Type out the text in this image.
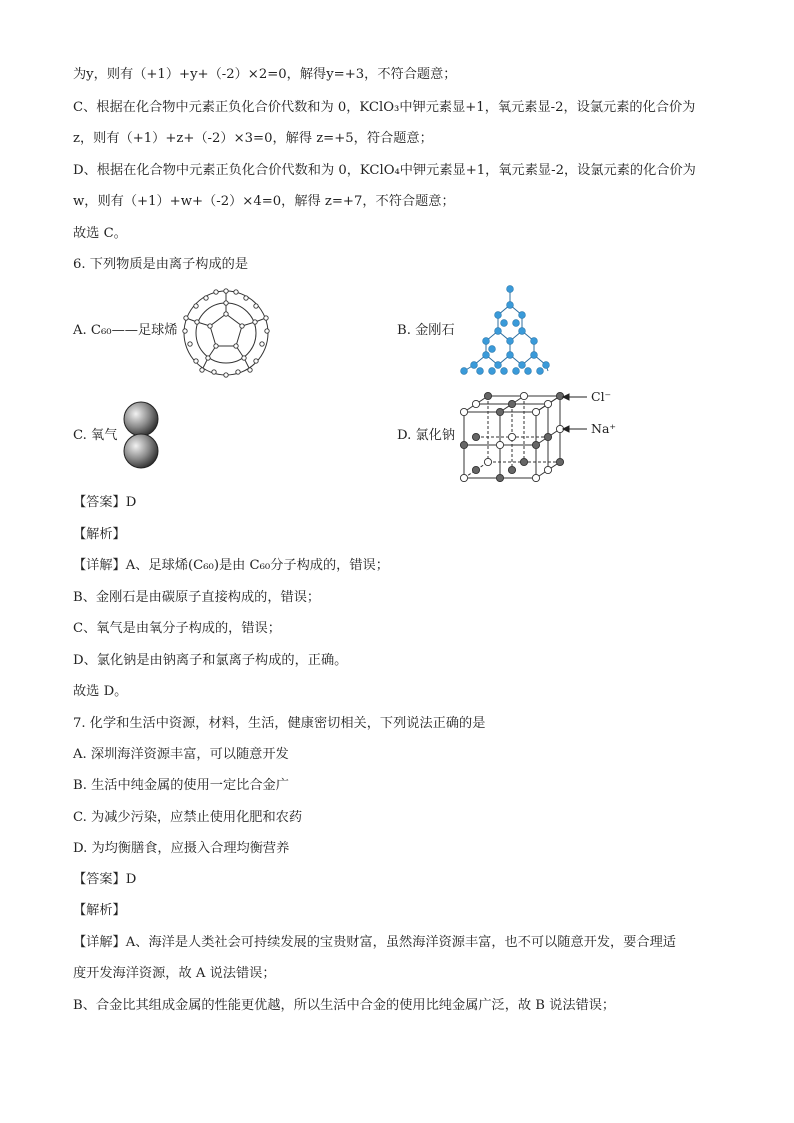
为y，则有（+1）+y+（-2）×2=0，解得y=+3，不符合题意；
C、根据在化合物中元素正负化合价代数和为 0，KClO₃中钾元素显+1，氧元素显-2，设氯元素的化合价为
z，则有（+1）+z+（-2）×3=0，解得 z=+5，符合题意；
D、根据在化合物中元素正负化合价代数和为 0，KClO₄中钾元素显+1，氧元素显-2，设氯元素的化合价为
w，则有（+1）+w+（-2）×4=0，解得 z=+7，不符合题意；
故选 C。
6. 下列物质是由离子构成的是
A. C₆₀——足球烯	B. 金刚石
C. 氧气	D. 氯化钠
Cl⁻
Na⁺
【答案】D
【解析】
【详解】A、足球烯(C₆₀)是由 C₆₀分子构成的，错误；
B、金刚石是由碳原子直接构成的，错误；
C、氧气是由氧分子构成的，错误；
D、氯化钠是由钠离子和氯离子构成的，正确。
故选 D。
7. 化学和生活中资源，材料，生活，健康密切相关，下列说法正确的是
A. 深圳海洋资源丰富，可以随意开发
B. 生活中纯金属的使用一定比合金广
C. 为减少污染，应禁止使用化肥和农药
D. 为均衡膳食，应摄入合理均衡营养
【答案】D
【解析】
【详解】A、海洋是人类社会可持续发展的宝贵财富，虽然海洋资源丰富，也不可以随意开发，要合理适
度开发海洋资源，故 A 说法错误；
B、合金比其组成金属的性能更优越，所以生活中合金的使用比纯金属广泛，故 B 说法错误；
